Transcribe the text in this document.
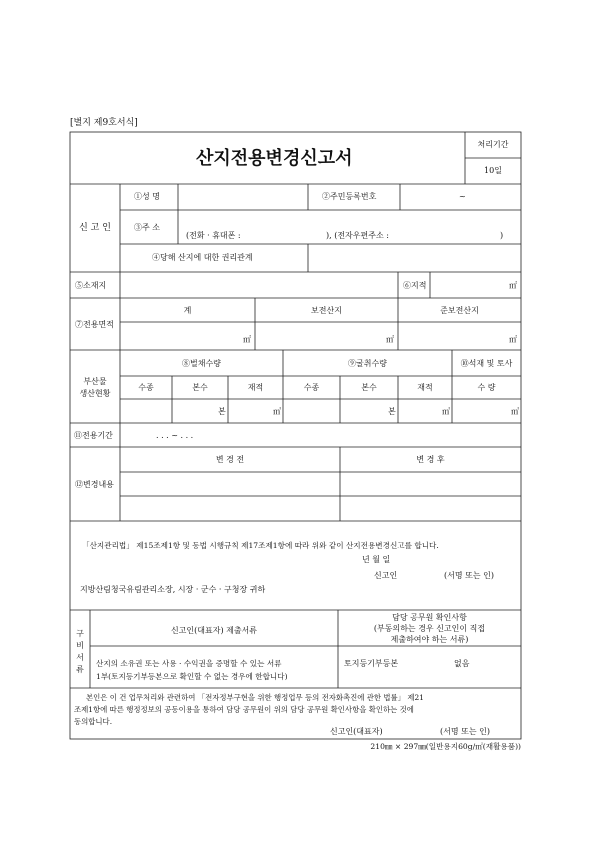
[별지 제9호서식]
산지전용변경신고서
처리기간
10일
신 고 인
①성 명	②주민등록번호	~
③주 소
(전화 · 휴대폰 :	), (전자우편주소 :	)
④당해 산지에 대한 권리관계
⑤소재지	⑥지적	㎡
⑦전용면적
계	보전산지	준보전산지
㎡	㎡	㎡
부산물
생산현황
⑧벌채수량	⑨굴취수량	⑩석재 및 토사
수종	본수	재적	수종	본수	재적	수 량
본	㎥	본	㎥	㎥
⑪전용기간	. . . ~ . . .
⑫변경내용
변 경 전	변 경 후
「산지관리법」 제15조제1항 및 동법 시행규칙 제17조제1항에 따라 위와 같이 산지전용변경신고를 합니다.
년 월 일
신고인	(서명 또는 인)
지방산림청국유림관리소장, 시장 · 군수 · 구청장 귀하
구
비
서
류
신고인(대표자) 제출서류
담당 공무원 확인사항
(부동의하는 경우 신고인이 직접
제출하여야 하는 서류)
산지의 소유권 또는 사용 · 수익권을 증명할 수 있는 서류
1부(토지등기부등본으로 확인할 수 없는 경우에 한합니다)
토지등기부등본	없음
본인은 이 건 업무처리와 관련하여 「전자정부구현을 위한 행정업무 등의 전자화촉진에 관한 법률」 제21
조제1항에 따른 행정정보의 공동이용을 통하여 담당 공무원이 위의 담당 공무원 확인사항을 확인하는 것에
동의합니다.
신고인(대표자)	(서명 또는 인)
210㎜ × 297㎜(일반용지60g/㎡(재활용품))
